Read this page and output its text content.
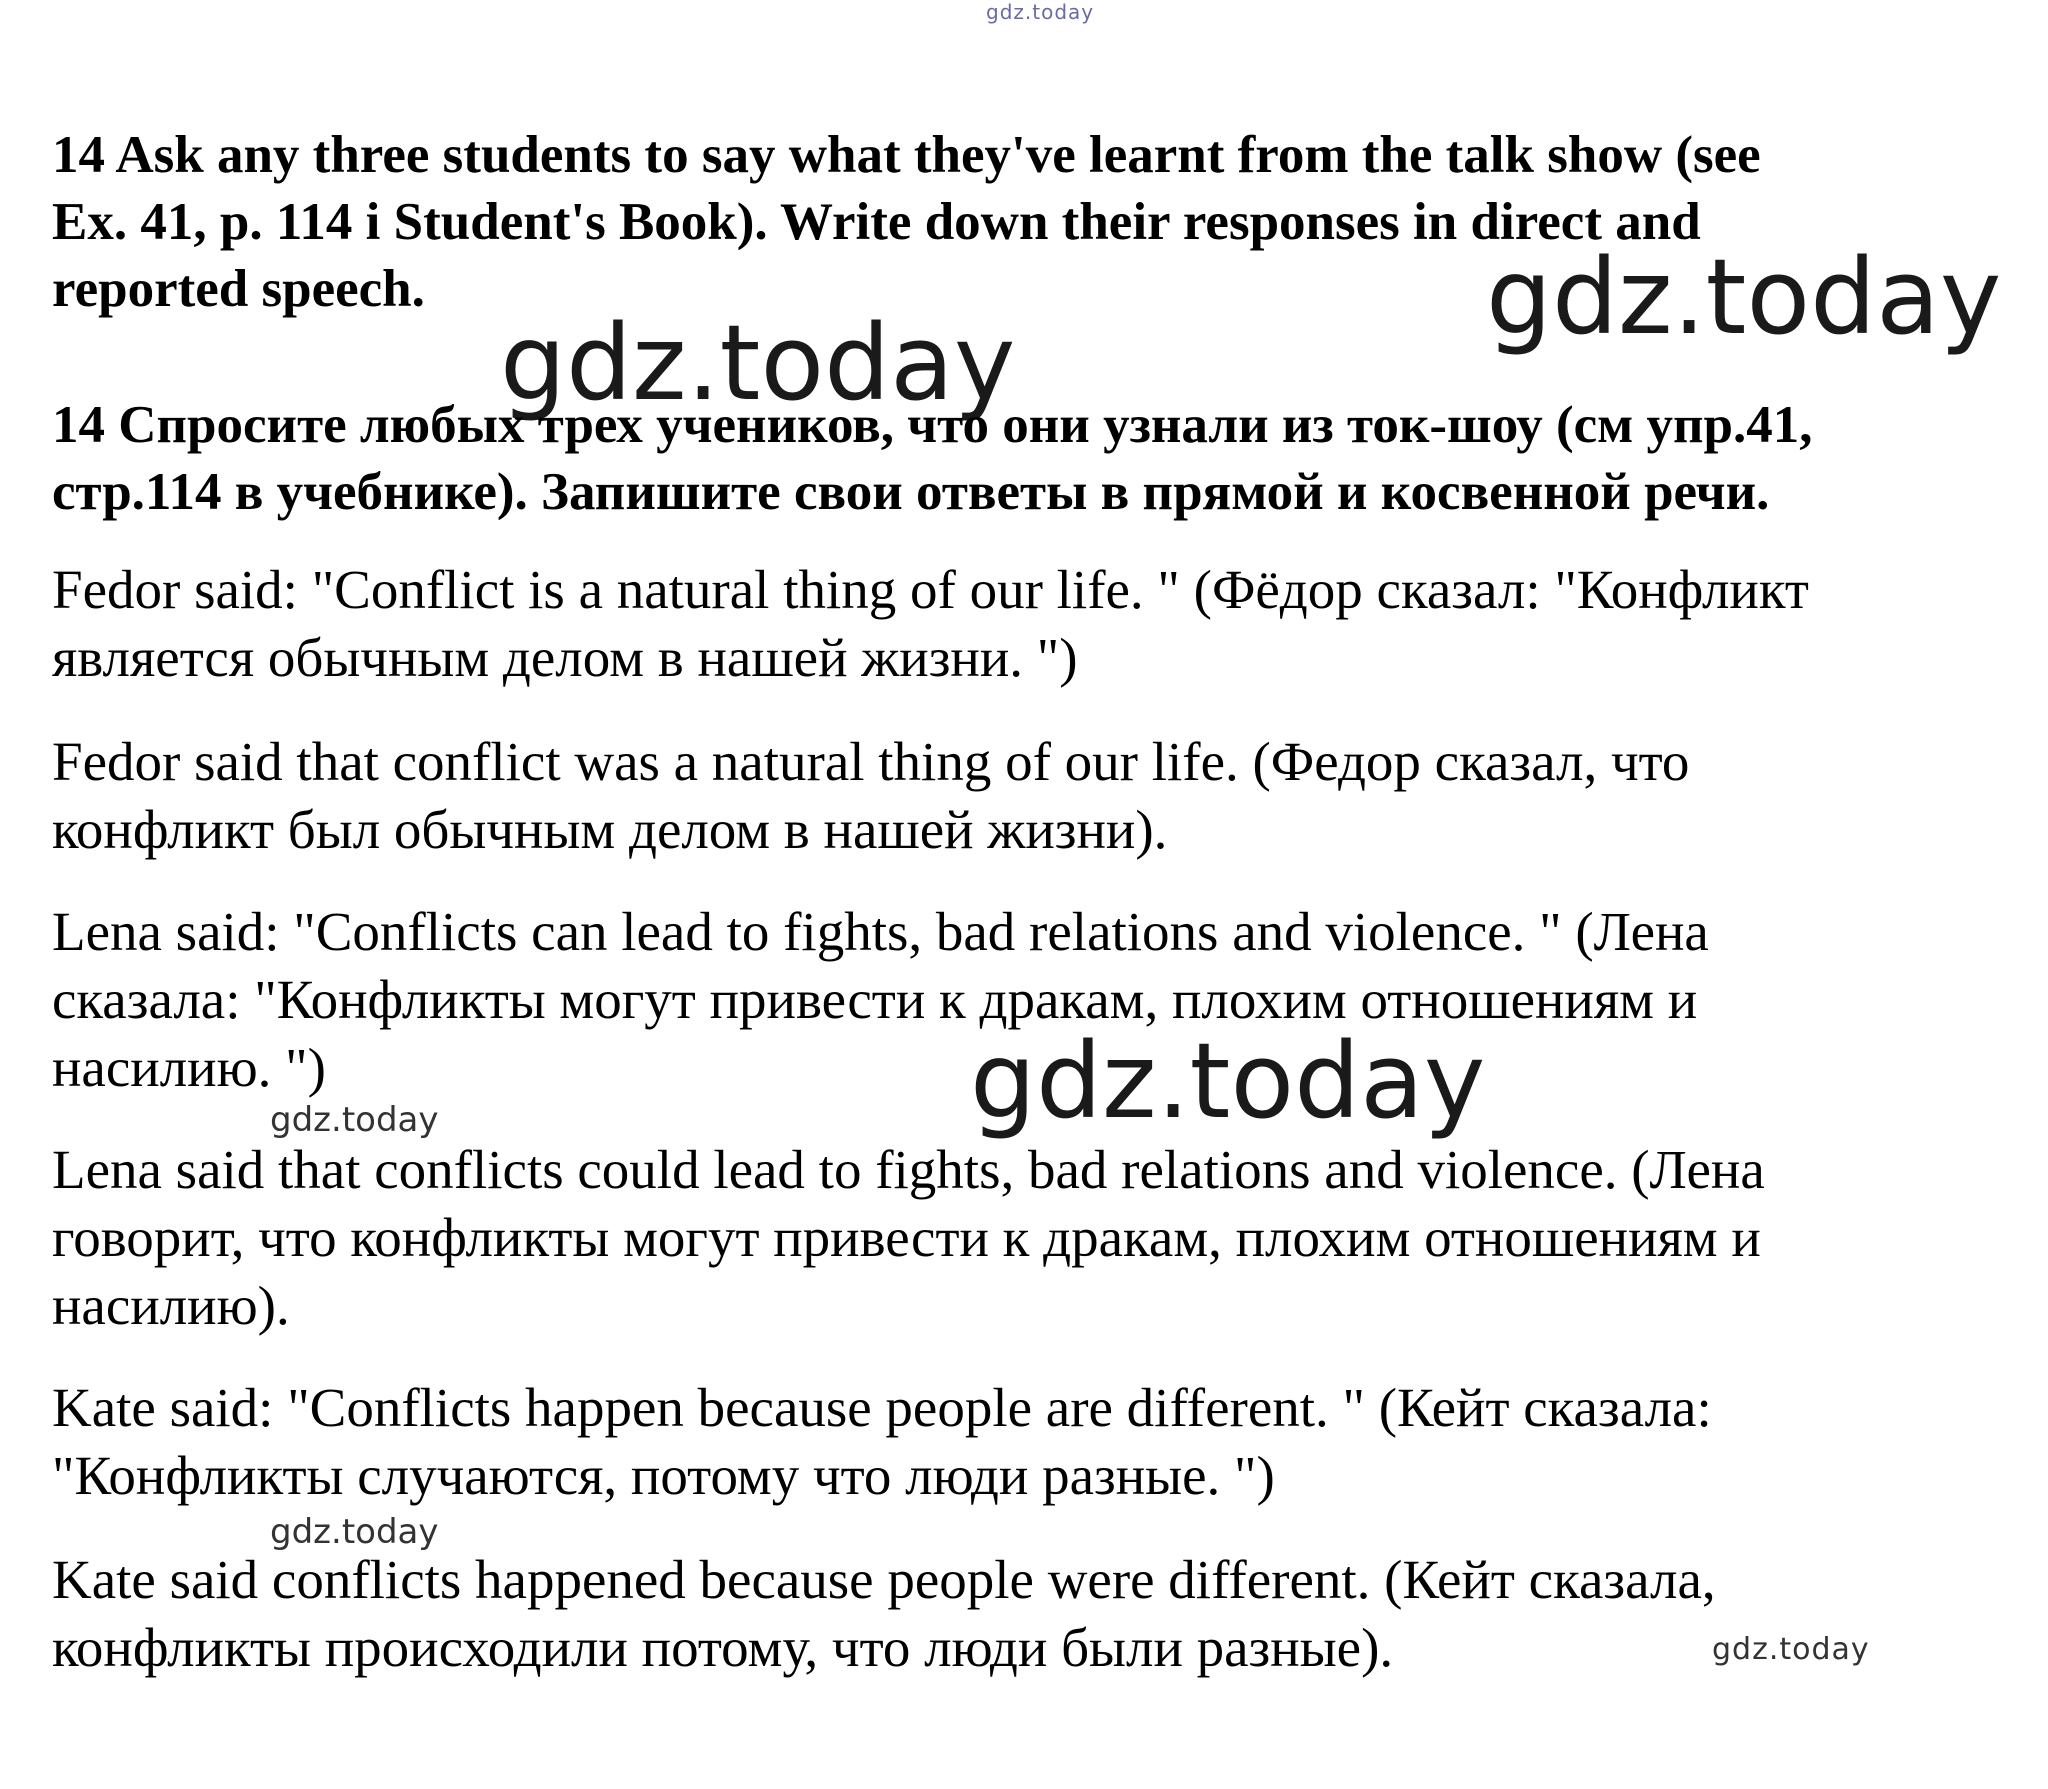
gdz.today

14 Ask any three students to say what they've learnt from the talk show (see
Ex. 41, p. 114 i Student's Book). Write down their responses in direct and
reported speech.	gdz.today
gdz.today

14 Спросите любых трех учеников, что они узнали из ток-шоу (см упр.41,
стр.114 в учебнике). Запишите свои ответы в прямой и косвенной речи.

Fedor said: "Conflict is a natural thing of our life. " (Фёдор сказал: "Конфликт
является обычным делом в нашей жизни. ")

Fedor said that conflict was a natural thing of our life. (Федор сказал, что
конфликт был обычным делом в нашей жизни).

Lena said: "Conflicts can lead to fights, bad relations and violence. " (Лена
сказала: "Конфликты могут привести к дракам, плохим отношениям и
насилию. ")	gdz.today
gdz.today

Lena said that conflicts could lead to fights, bad relations and violence. (Лена
говорит, что конфликты могут привести к дракам, плохим отношениям и
насилию).

Kate said: "Conflicts happen because people are different. " (Кейт сказала:
"Конфликты случаются, потому что люди разные. ")

gdz.today

Kate said conflicts happened because people were different. (Кейт сказала,
конфликты происходили потому, что люди были разные).	gdz.today
